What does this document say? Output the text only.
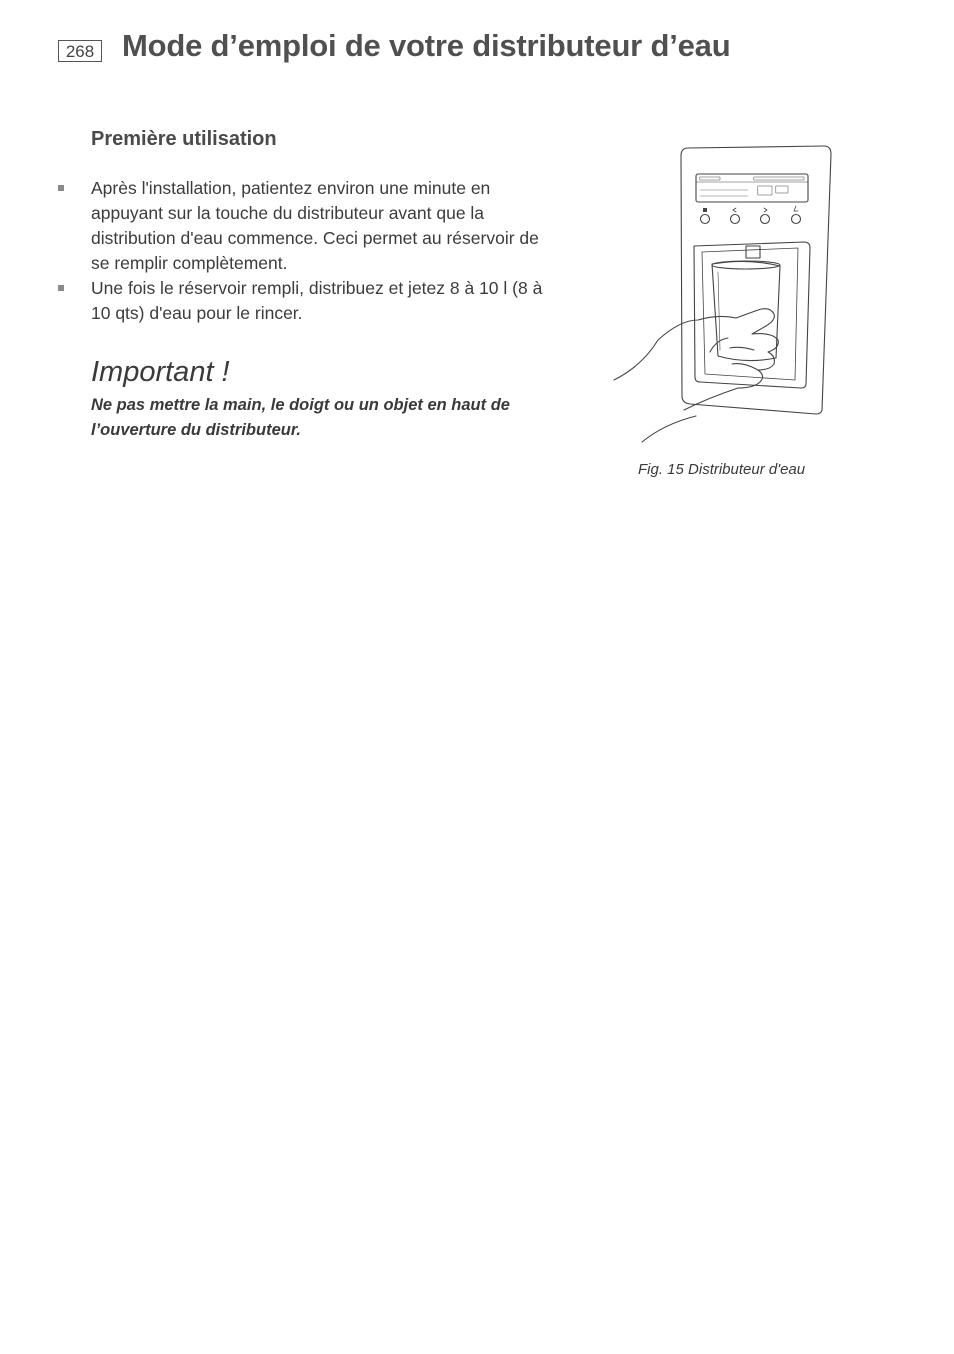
268 Mode d’emploi de votre distributeur d’eau
Première utilisation
Après l'installation, patientez environ une minute en appuyant sur la touche du distributeur avant que la distribution d'eau commence. Ceci permet au réservoir de se remplir complètement.
Une fois le réservoir rempli, distribuez et jetez 8 à 10 l (8 à 10 qts) d'eau pour le rincer.
Important !

Ne pas mettre la main, le doigt ou un objet en haut de l’ouverture du distributeur.

Fig. 15 Distributeur d'eau
